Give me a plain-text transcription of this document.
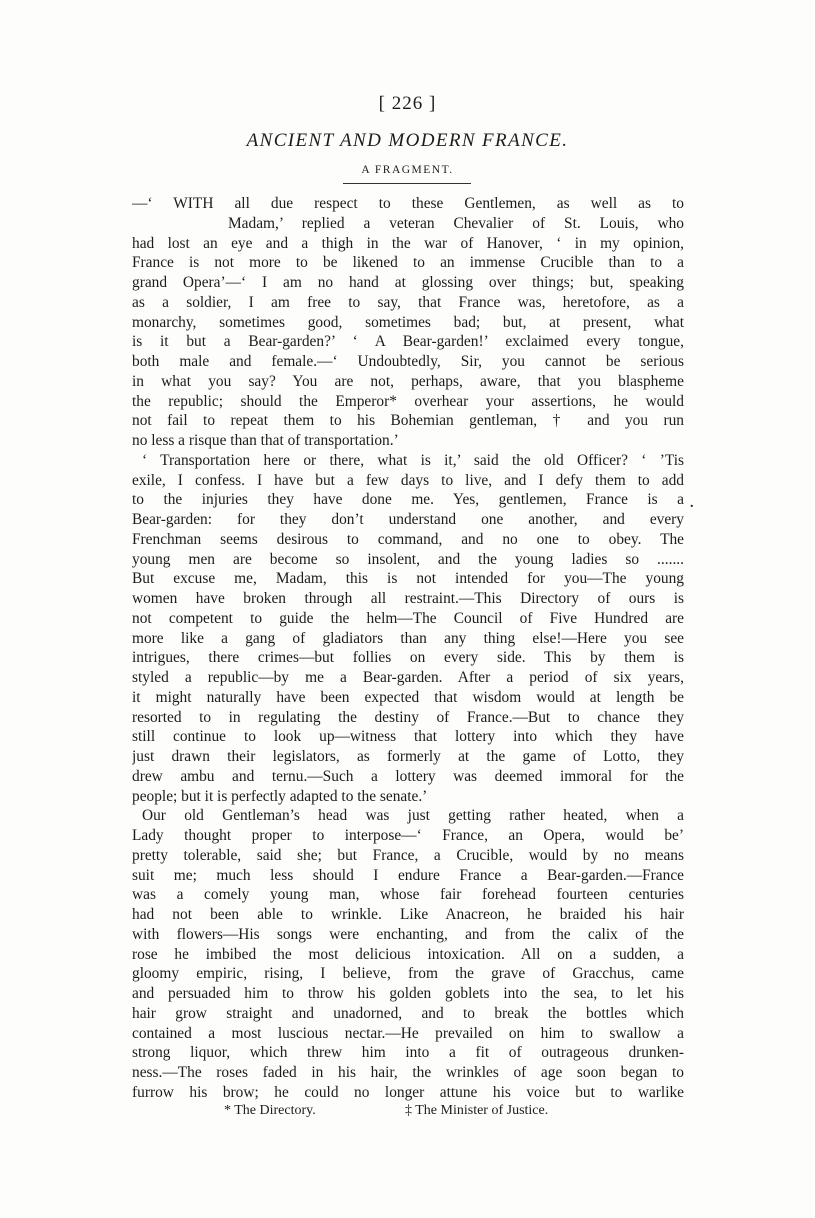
[ 226 ]

ANCIENT AND MODERN FRANCE.

A FRAGMENT.

.

—‘ WITH all due respect to these Gentlemen, as well as to
Madam,’ replied a veteran Chevalier of St. Louis, who
had lost an eye and a thigh in the war of Hanover, ‘ in my opinion,
France is not more to be likened to an immense Crucible than to a
grand Opera’—‘ I am no hand at glossing over things; but, speaking
as a soldier, I am free to say, that France was, heretofore, as a
monarchy, sometimes good, sometimes bad; but, at present, what
is it but a Bear-garden?’ ‘ A Bear-garden!’ exclaimed every tongue,
both male and female.—‘ Undoubtedly, Sir, you cannot be serious
in what you say? You are not, perhaps, aware, that you blaspheme
the republic; should the Emperor* overhear your assertions, he would
not fail to repeat them to his Bohemian gentleman, † and you run
no less a risque than that of transportation.’
‘ Transportation here or there, what is it,’ said the old Officer? ‘ ’Tis
exile, I confess. I have but a few days to live, and I defy them to add
to the injuries they have done me. Yes, gentlemen, France is a
Bear-garden: for they don’t understand one another, and every
Frenchman seems desirous to command, and no one to obey. The
young men are become so insolent, and the young ladies so .......
But excuse me, Madam, this is not intended for you—The young
women have broken through all restraint.—This Directory of ours is
not competent to guide the helm—The Council of Five Hundred are
more like a gang of gladiators than any thing else!—Here you see
intrigues, there crimes—but follies on every side. This by them is
styled a republic—by me a Bear-garden. After a period of six years,
it might naturally have been expected that wisdom would at length be
resorted to in regulating the destiny of France.—But to chance they
still continue to look up—witness that lottery into which they have
just drawn their legislators, as formerly at the game of Lotto, they
drew ambu and ternu.—Such a lottery was deemed immoral for the
people; but it is perfectly adapted to the senate.’
Our old Gentleman’s head was just getting rather heated, when a
Lady thought proper to interpose—‘ France, an Opera, would be’
pretty tolerable, said she; but France, a Crucible, would by no means
suit me; much less should I endure France a Bear-garden.—France
was a comely young man, whose fair forehead fourteen centuries
had not been able to wrinkle. Like Anacreon, he braided his hair
with flowers—His songs were enchanting, and from the calix of the
rose he imbibed the most delicious intoxication. All on a sudden, a
gloomy empiric, rising, I believe, from the grave of Gracchus, came
and persuaded him to throw his golden goblets into the sea, to let his
hair grow straight and unadorned, and to break the bottles which
contained a most luscious nectar.—He prevailed on him to swallow a
strong liquor, which threw him into a fit of outrageous drunken-
ness.—The roses faded in his hair, the wrinkles of age soon began to
furrow his brow; he could no longer attune his voice but to warlike

* The Directory.	‡ The Minister of Justice.
